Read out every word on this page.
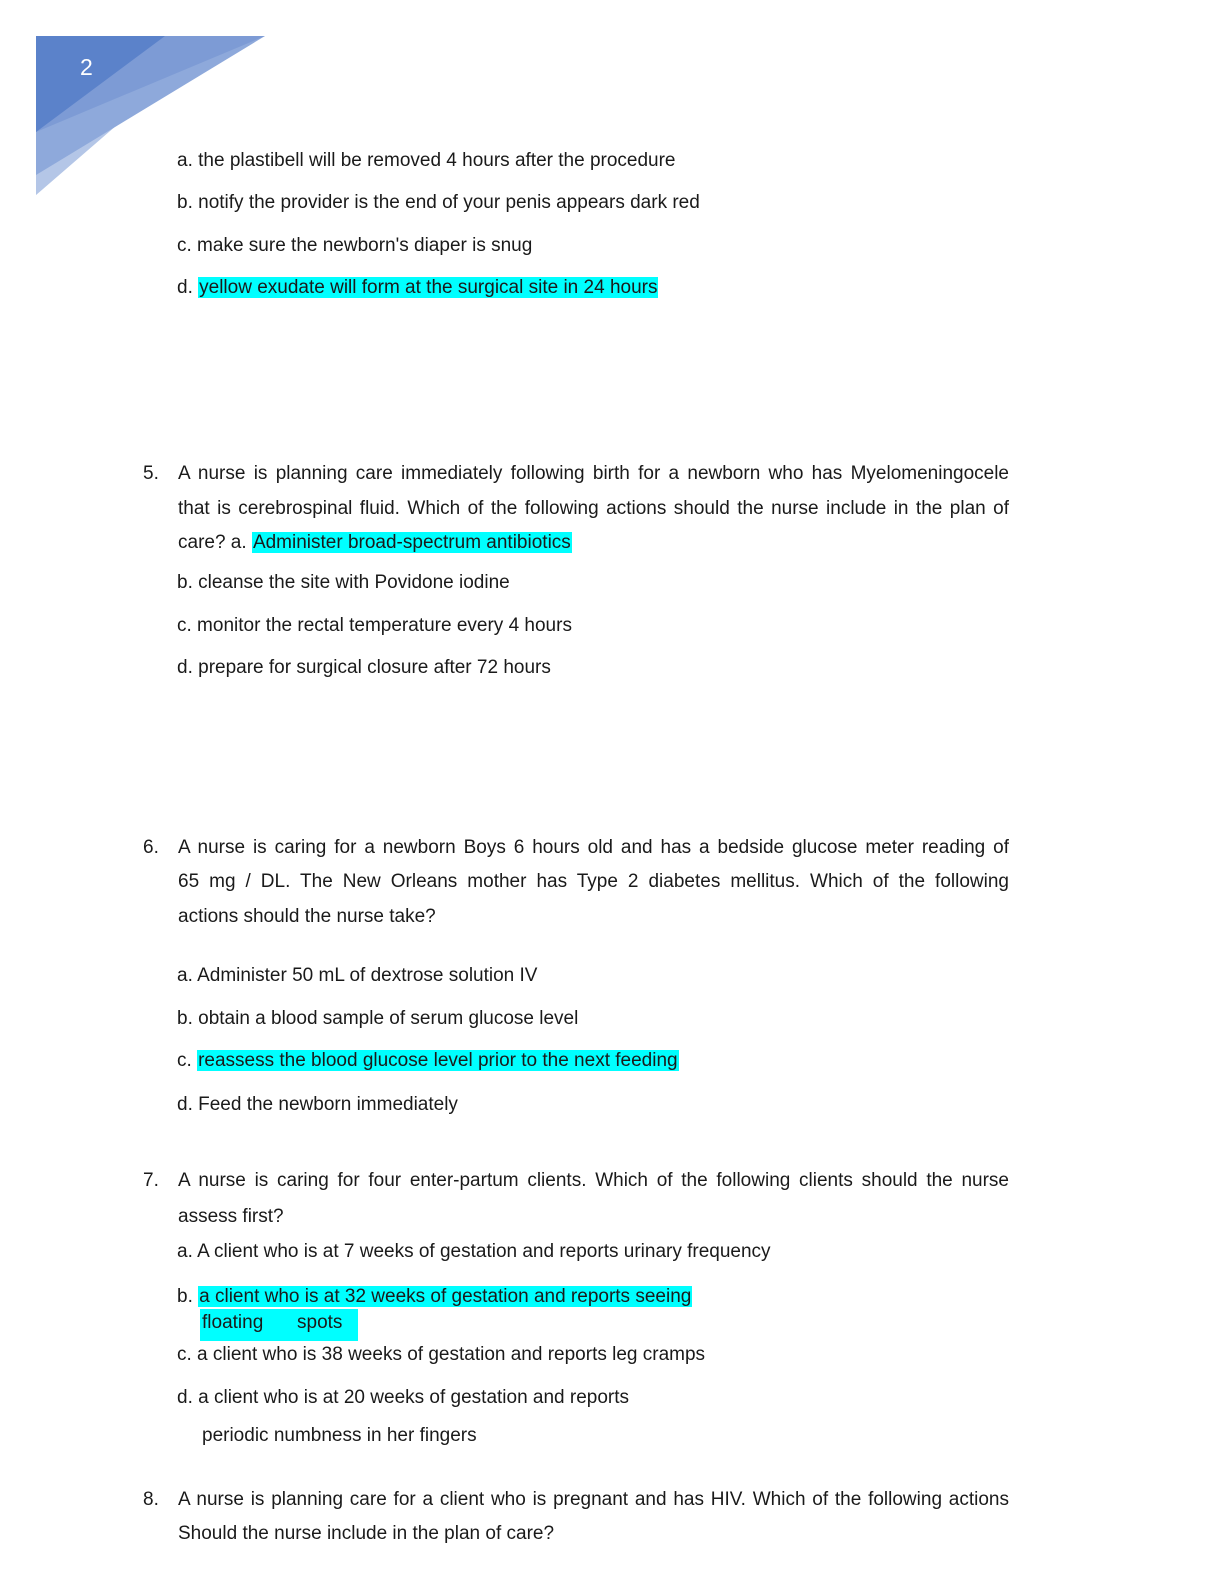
2
a. the plastibell will be removed 4 hours after the procedure
b. notify the provider is the end of your penis appears dark red
c. make sure the newborn's diaper is snug
d. yellow exudate will form at the surgical site in 24 hours
5. A nurse is planning care immediately following birth for a newborn who has Myelomeningocele
that is cerebrospinal fluid. Which of the following actions should the nurse include in the plan of
care? a. Administer broad-spectrum antibiotics
b. cleanse the site with Povidone iodine
c. monitor the rectal temperature every 4 hours
d. prepare for surgical closure after 72 hours
6. A nurse is caring for a newborn Boys 6 hours old and has a bedside glucose meter reading of
65 mg / DL. The New Orleans mother has Type 2 diabetes mellitus. Which of the following
actions should the nurse take?
a. Administer 50 mL of dextrose solution IV
b. obtain a blood sample of serum glucose level
c. reassess the blood glucose level prior to the next feeding
d. Feed the newborn immediately
7. A nurse is caring for four enter-partum clients. Which of the following clients should the nurse
assess first?
a. A client who is at 7 weeks of gestation and reports urinary frequency
b. a client who is at 32 weeks of gestation and reports seeing
floating spots
c. a client who is 38 weeks of gestation and reports leg cramps
d. a client who is at 20 weeks of gestation and reports
periodic numbness in her fingers
8. A nurse is planning care for a client who is pregnant and has HIV. Which of the following actions
Should the nurse include in the plan of care?
